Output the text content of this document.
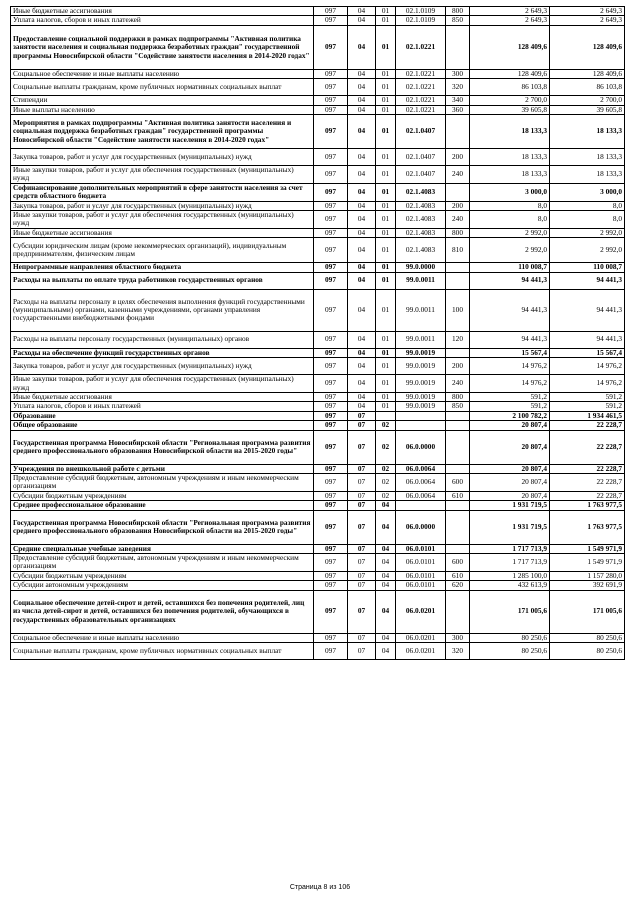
Иные бюджетные ассигнования	097	04	01	02.1.0109	800	2 649,3	2 649,3
Уплата налогов, сборов и иных платежей	097	04	01	02.1.0109	850	2 649,3	2 649,3
Предоставление социальной поддержки в рамках подпрограммы "Активная политика занятости населения и социальная поддержка безработных граждан" государственной программы Новосибирской области "Содействие занятости населения в 2014-2020 годах"	097	04	01	02.1.0221		128 409,6	128 409,6
Социальное обеспечение и иные выплаты населению	097	04	01	02.1.0221	300	128 409,6	128 409,6
Социальные выплаты гражданам, кроме публичных нормативных социальных выплат	097	04	01	02.1.0221	320	86 103,8	86 103,8
Стипендии	097	04	01	02.1.0221	340	2 700,0	2 700,0
Иные выплаты населению	097	04	01	02.1.0221	360	39 605,8	39 605,8
Мероприятия в рамках подпрограммы "Активная политика занятости населения и социальная поддержка безработных граждан" государственной программы Новосибирской области "Содействие занятости населения в 2014-2020 годах"	097	04	01	02.1.0407		18 133,3	18 133,3
Закупка товаров, работ и услуг для государственных (муниципальных) нужд	097	04	01	02.1.0407	200	18 133,3	18 133,3
Иные закупки товаров, работ и услуг для обеспечения государственных (муниципальных) нужд	097	04	01	02.1.0407	240	18 133,3	18 133,3
Софинансирование дополнительных мероприятий в сфере занятости населения за счет средств областного бюджета	097	04	01	02.1.4083		3 000,0	3 000,0
Закупка товаров, работ и услуг для государственных (муниципальных) нужд	097	04	01	02.1.4083	200	8,0	8,0
Иные закупки товаров, работ и услуг для обеспечения государственных (муниципальных) нужд	097	04	01	02.1.4083	240	8,0	8,0
Иные бюджетные ассигнования	097	04	01	02.1.4083	800	2 992,0	2 992,0
Субсидии юридическим лицам (кроме некоммерческих организаций), индивидуальным предпринимателям, физическим лицам	097	04	01	02.1.4083	810	2 992,0	2 992,0
Непрограммные направления областного бюджета	097	04	01	99.0.0000		110 008,7	110 008,7
Расходы на выплаты по оплате труда работников государственных органов	097	04	01	99.0.0011		94 441,3	94 441,3
Расходы на выплаты персоналу в целях обеспечения выполнения функций государственными (муниципальными) органами, казенными учреждениями, органами управления государственными внебюджетными фондами	097	04	01	99.0.0011	100	94 441,3	94 441,3
Расходы на выплаты персоналу государственных (муниципальных) органов	097	04	01	99.0.0011	120	94 441,3	94 441,3
Расходы на обеспечение функций государственных органов	097	04	01	99.0.0019		15 567,4	15 567,4
Закупка товаров, работ и услуг для государственных (муниципальных) нужд	097	04	01	99.0.0019	200	14 976,2	14 976,2
Иные закупки товаров, работ и услуг для обеспечения государственных (муниципальных) нужд	097	04	01	99.0.0019	240	14 976,2	14 976,2
Иные бюджетные ассигнования	097	04	01	99.0.0019	800	591,2	591,2
Уплата налогов, сборов и иных платежей	097	04	01	99.0.0019	850	591,2	591,2
Образование	097	07				2 100 782,2	1 934 461,5
Общее образование	097	07	02			20 807,4	22 228,7
Государственная программа Новосибирской области "Региональная программа развития среднего профессионального образования Новосибирской области на 2015-2020 годы"	097	07	02	06.0.0000		20 807,4	22 228,7
Учреждения по внешкольной работе с детьми	097	07	02	06.0.0064		20 807,4	22 228,7
Предоставление субсидий бюджетным, автономным учреждениям и иным некоммерческим организациям	097	07	02	06.0.0064	600	20 807,4	22 228,7
Субсидии бюджетным учреждениям	097	07	02	06.0.0064	610	20 807,4	22 228,7
Среднее профессиональное образование	097	07	04			1 931 719,5	1 763 977,5
Государственная программа Новосибирской области "Региональная программа развития среднего профессионального образования Новосибирской области на 2015-2020 годы"	097	07	04	06.0.0000		1 931 719,5	1 763 977,5
Средние специальные учебные заведения	097	07	04	06.0.0101		1 717 713,9	1 549 971,9
Предоставление субсидий бюджетным, автономным учреждениям и иным некоммерческим организациям	097	07	04	06.0.0101	600	1 717 713,9	1 549 971,9
Субсидии бюджетным учреждениям	097	07	04	06.0.0101	610	1 285 100,0	1 157 280,0
Субсидии автономным учреждениям	097	07	04	06.0.0101	620	432 613,9	392 691,9
Социальное обеспечение детей-сирот и детей, оставшихся без попечения родителей, лиц из числа детей-сирот и детей, оставшихся без попечения родителей, обучающихся в государственных образовательных организациях	097	07	04	06.0.0201		171 005,6	171 005,6
Социальное обеспечение и иные выплаты населению	097	07	04	06.0.0201	300	80 250,6	80 250,6
Социальные выплаты гражданам, кроме публичных нормативных социальных выплат	097	07	04	06.0.0201	320	80 250,6	80 250,6
Страница 8 из 106
